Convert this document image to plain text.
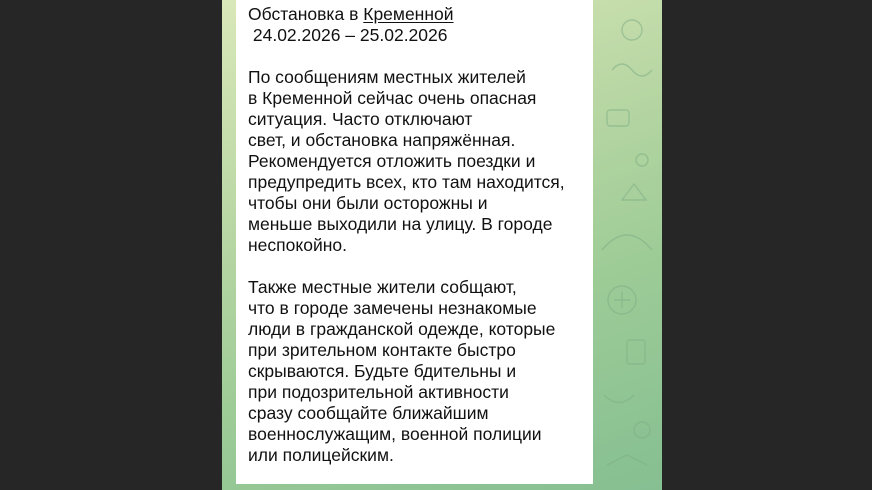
Обстановка в Кременной

24.02.2026 – 25.02.2026

По сообщениям местных жителей
в Кременной сейчас очень опасная
ситуация. Часто отключают
свет, и обстановка напряжённая.
Рекомендуется отложить поездки и
предупредить всех, кто там находится,
чтобы они были осторожны и
меньше выходили на улицу. В городе
неспокойно.

Также местные жители собщают,
что в городе замечены незнакомые
люди в гражданской одежде, которые
при зрительном контакте быстро
скрываются. Будьте бдительны и
при подозрительной активности
сразу сообщайте ближайшим
военнослужащим, военной полиции
или полицейским.
